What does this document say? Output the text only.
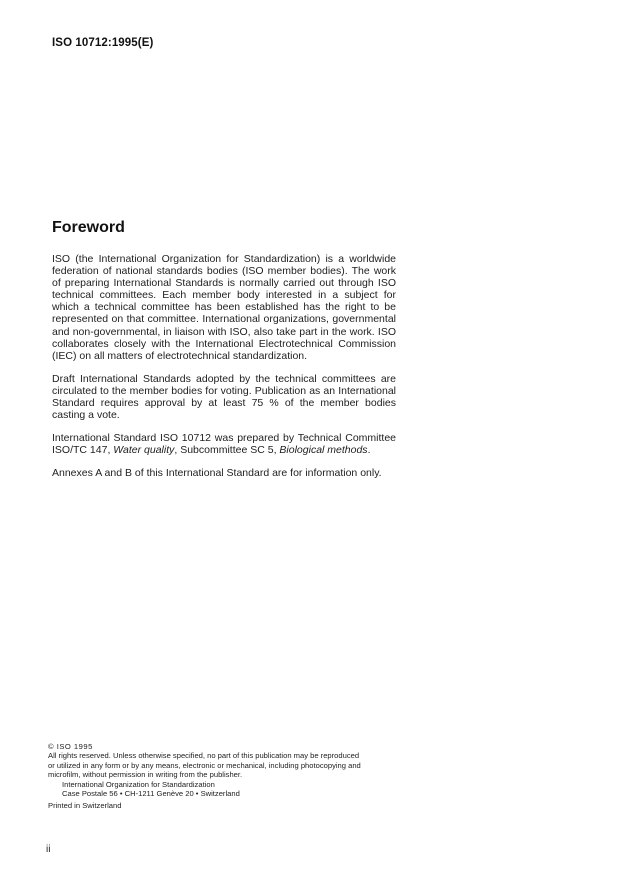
ISO 10712:1995(E)
Foreword

ISO (the International Organization for Standardization) is a worldwide federation of national standards bodies (ISO member bodies). The work of preparing International Standards is normally carried out through ISO technical committees. Each member body interested in a subject for which a technical committee has been established has the right to be represented on that committee. International organizations, governmental and non-governmental, in liaison with ISO, also take part in the work. ISO collaborates closely with the International Electrotechnical Commission (IEC) on all matters of electrotechnical standardization.

Draft International Standards adopted by the technical committees are circulated to the member bodies for voting. Publication as an International Standard requires approval by at least 75 % of the member bodies casting a vote.

International Standard ISO 10712 was prepared by Technical Committee ISO/TC 147, Water quality, Subcommittee SC 5, Biological methods.

Annexes A and B of this International Standard are for information only.

© ISO 1995
All rights reserved. Unless otherwise specified, no part of this publication may be reproduced
or utilized in any form or by any means, electronic or mechanical, including photocopying and
microfilm, without permission in writing from the publisher.
International Organization for Standardization
Case Postale 56 • CH-1211 Genève 20 • Switzerland
Printed in Switzerland
ii
